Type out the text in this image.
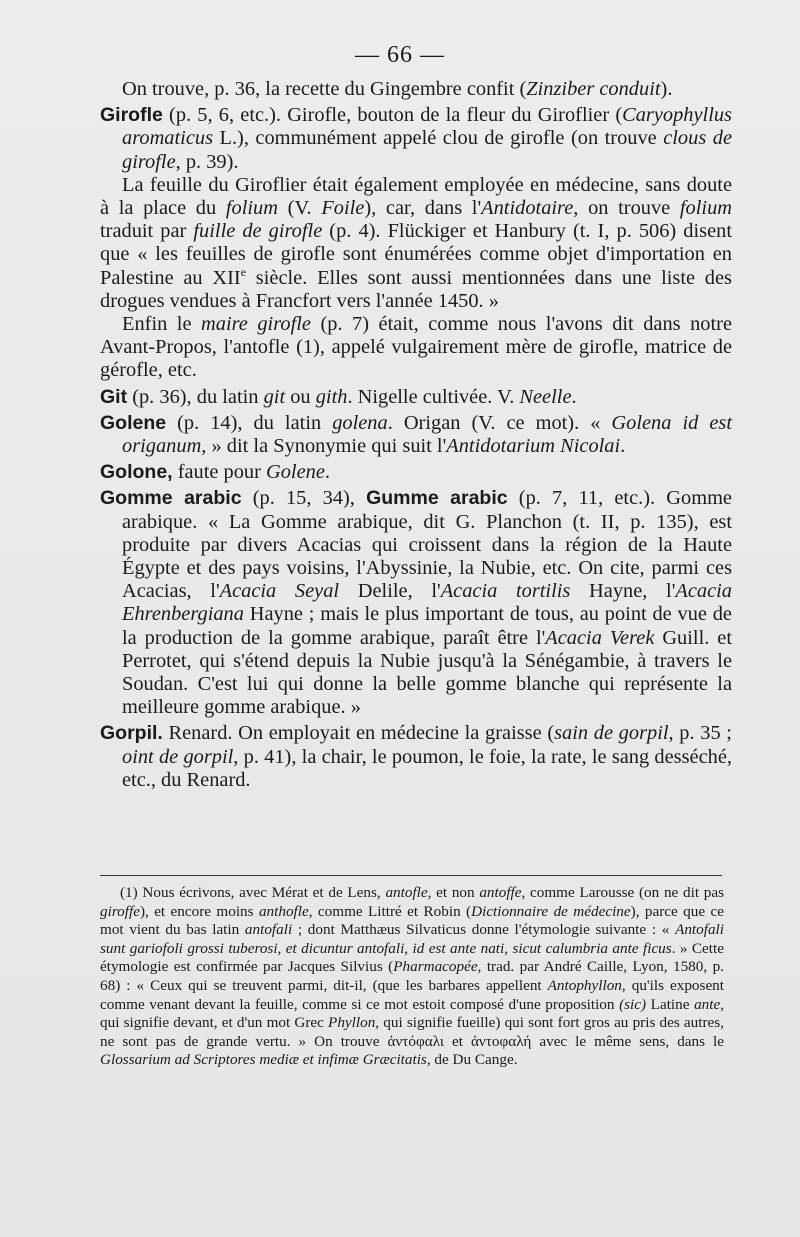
— 66 —

On trouve, p. 36, la recette du Gingembre confit (Zinziber conduit).

Girofle (p. 5, 6, etc.). Girofle, bouton de la fleur du Giroflier (Caryophyllus aromaticus L.), communément appelé clou de girofle (on trouve clous de girofle, p. 39).

La feuille du Giroflier était également employée en médecine, sans doute à la place du folium (V. Foile), car, dans l'Antidotaire, on trouve folium traduit par fuille de girofle (p. 4). Flückiger et Hanbury (t. I, p. 506) disent que « les feuilles de girofle sont énumérées comme objet d'importation en Palestine au XIIe siècle. Elles sont aussi mentionnées dans une liste des drogues vendues à Francfort vers l'année 1450. »

Enfin le maire girofle (p. 7) était, comme nous l'avons dit dans notre Avant-Propos, l'antofle (1), appelé vulgairement mère de girofle, matrice de gérofle, etc.

Git (p. 36), du latin git ou gith. Nigelle cultivée. V. Neelle.

Golene (p. 14), du latin golena. Origan (V. ce mot). « Golena id est origanum, » dit la Synonymie qui suit l'Antidotarium Nicolai.

Golone, faute pour Golene.

Gomme arabic (p. 15, 34), Gumme arabic (p. 7, 11, etc.). Gomme arabique. « La Gomme arabique, dit G. Planchon (t. II, p. 135), est produite par divers Acacias qui croissent dans la région de la Haute Égypte et des pays voisins, l'Abyssinie, la Nubie, etc. On cite, parmi ces Acacias, l'Acacia Seyal Delile, l'Acacia tortilis Hayne, l'Acacia Ehrenbergiana Hayne ; mais le plus important de tous, au point de vue de la production de la gomme arabique, paraît être l'Acacia Verek Guill. et Perrotet, qui s'étend depuis la Nubie jusqu'à la Sénégambie, à travers le Soudan. C'est lui qui donne la belle gomme blanche qui représente la meilleure gomme arabique. »

Gorpil. Renard. On employait en médecine la graisse (sain de gorpil, p. 35 ; oint de gorpil, p. 41), la chair, le poumon, le foie, la rate, le sang desséché, etc., du Renard.

(1) Nous écrivons, avec Mérat et de Lens, antofle, et non antoffe, comme Larousse (on ne dit pas giroffe), et encore moins anthofle, comme Littré et Robin (Dictionnaire de médecine), parce que ce mot vient du bas latin antofali ; dont Matthæus Silvaticus donne l'étymologie suivante : « Antofali sunt gariofoli grossi tuberosi, et dicuntur antofali, id est ante nati, sicut calumbria ante ficus. » Cette étymologie est confirmée par Jacques Silvius (Pharmacopée, trad. par André Caille, Lyon, 1580, p. 68) : « Ceux qui se treuvent parmi, dit-il, (que les barbares appellent Antophyllon, qu'ils exposent comme venant devant la feuille, comme si ce mot estoit composé d'une proposition (sic) Latine ante, qui signifie devant, et d'un mot Grec Phyllon, qui signifie fueille) qui sont fort gros au pris des autres, ne sont pas de grande vertu. » On trouve ἀντόφαλι et ἀντοφαλή avec le même sens, dans le Glossarium ad Scriptores mediæ et infimæ Græcitatis, de Du Cange.
